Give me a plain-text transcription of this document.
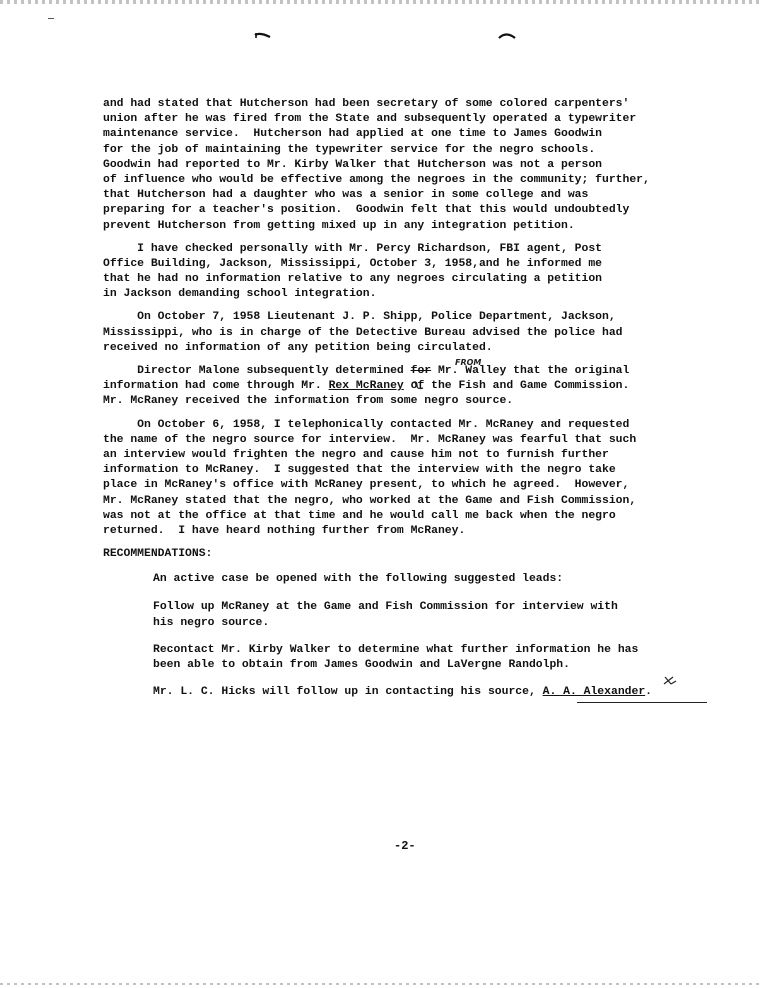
and had stated that Hutcherson had been secretary of some colored carpenters'
union after he was fired from the State and subsequently operated a typewriter
maintenance service.  Hutcherson had applied at one time to James Goodwin
for the job of maintaining the typewriter service for the negro schools.
Goodwin had reported to Mr. Kirby Walker that Hutcherson was not a person
of influence who would be effective among the negroes in the community; further,
that Hutcherson had a daughter who was a senior in some college and was
preparing for a teacher's position.  Goodwin felt that this would undoubtedly
prevent Hutcherson from getting mixed up in any integration petition.
I have checked personally with Mr. Percy Richardson, FBI agent, Post
Office Building, Jackson, Mississippi, October 3, 1958,and he informed me
that he had no information relative to any negroes circulating a petition
in Jackson demanding school integration.
On October 7, 1958 Lieutenant J. P. Shipp, Police Department, Jackson,
Mississippi, who is in charge of the Detective Bureau advised the police had
received no information of any petition being circulated.
Director Malone subsequently determined for Mr. Walley that the original
information had come through Mr. Rex McRaney of the Fish and Game Commission.
Mr. McRaney received the information from some negro source.
FROM
On October 6, 1958, I telephonically contacted Mr. McRaney and requested
the name of the negro source for interview.  Mr. McRaney was fearful that such
an interview would frighten the negro and cause him not to furnish further
information to McRaney.  I suggested that the interview with the negro take
place in McRaney's office with McRaney present, to which he agreed.  However,
Mr. McRaney stated that the negro, who worked at the Game and Fish Commission,
was not at the office at that time and he would call me back when the negro
returned.  I have heard nothing further from McRaney.
RECOMMENDATIONS:
An active case be opened with the following suggested leads:
Follow up McRaney at the Game and Fish Commission for interview with
his negro source.
Recontact Mr. Kirby Walker to determine what further information he has
been able to obtain from James Goodwin and LaVergne Randolph.
Mr. L. C. Hicks will follow up in contacting his source, A. A. Alexander.
-2-
